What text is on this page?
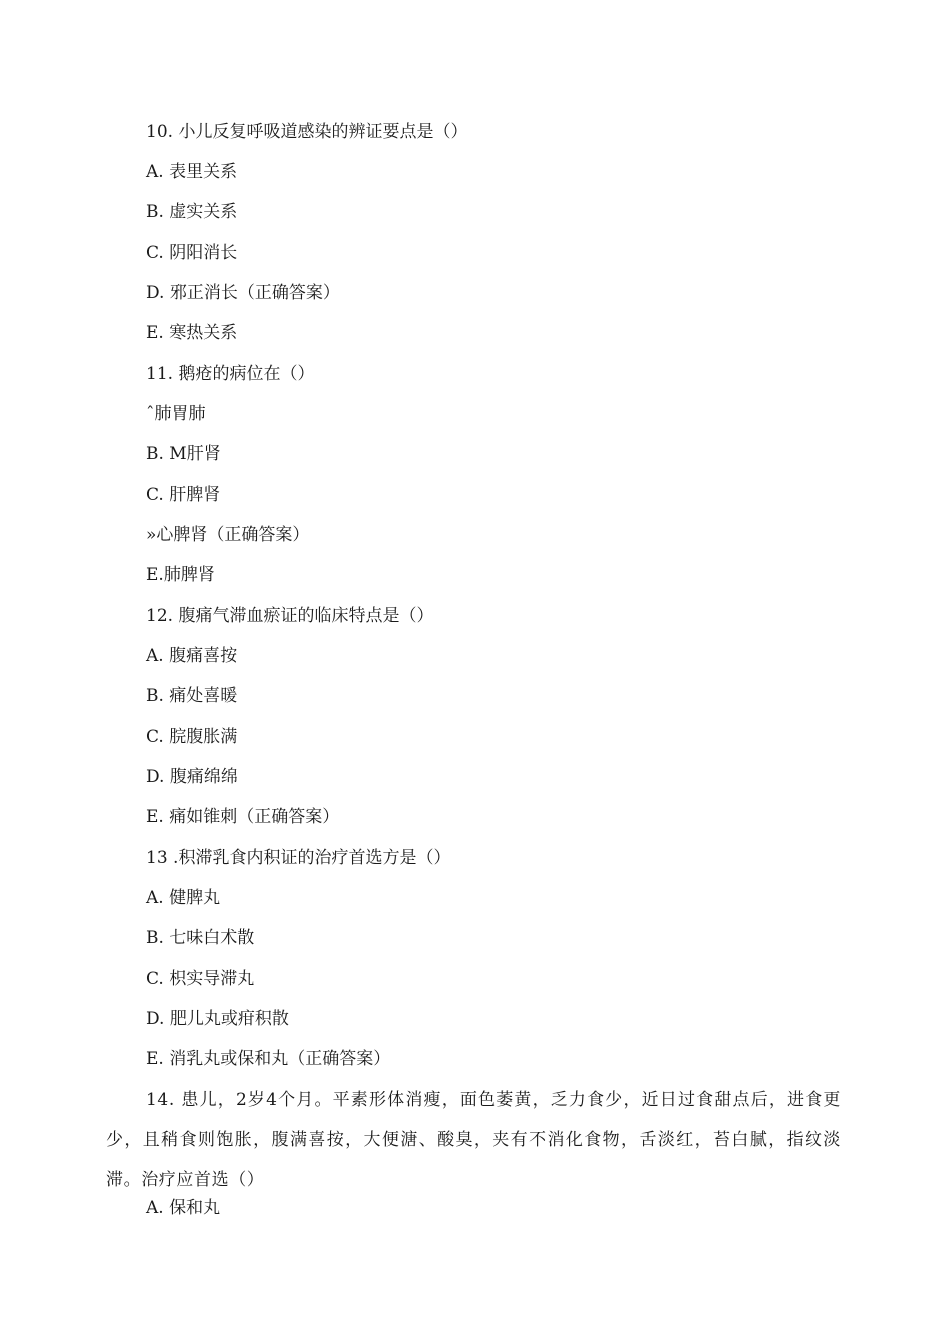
10. 小儿反复呼吸道感染的辨证要点是（）
A. 表里关系
B. 虚实关系
C. 阴阳消长
D. 邪正消长（正确答案）
E. 寒热关系
11. 鹅疮的病位在（）
ˆ肺胃肺
B. M肝肾
C. 肝脾肾
»心脾肾（正确答案）
E.肺脾肾
12. 腹痛气滞血瘀证的临床特点是（）
A. 腹痛喜按
B. 痛处喜暖
C. 脘腹胀满
D. 腹痛绵绵
E. 痛如锥刺（正确答案）
13 .积滞乳食内积证的治疗首选方是（）
A. 健脾丸
B. 七味白术散
C. 枳实导滞丸
D. 肥儿丸或疳积散
E. 消乳丸或保和丸（正确答案）
14. 患儿，2岁4个月。平素形体消瘦，面色萎黄，乏力食少，近日过食甜点后，进食更少，且稍食则饱胀，腹满喜按，大便溏、酸臭，夹有不消化食物，舌淡红，苔白腻，指纹淡滞。治疗应首选（）
A. 保和丸
